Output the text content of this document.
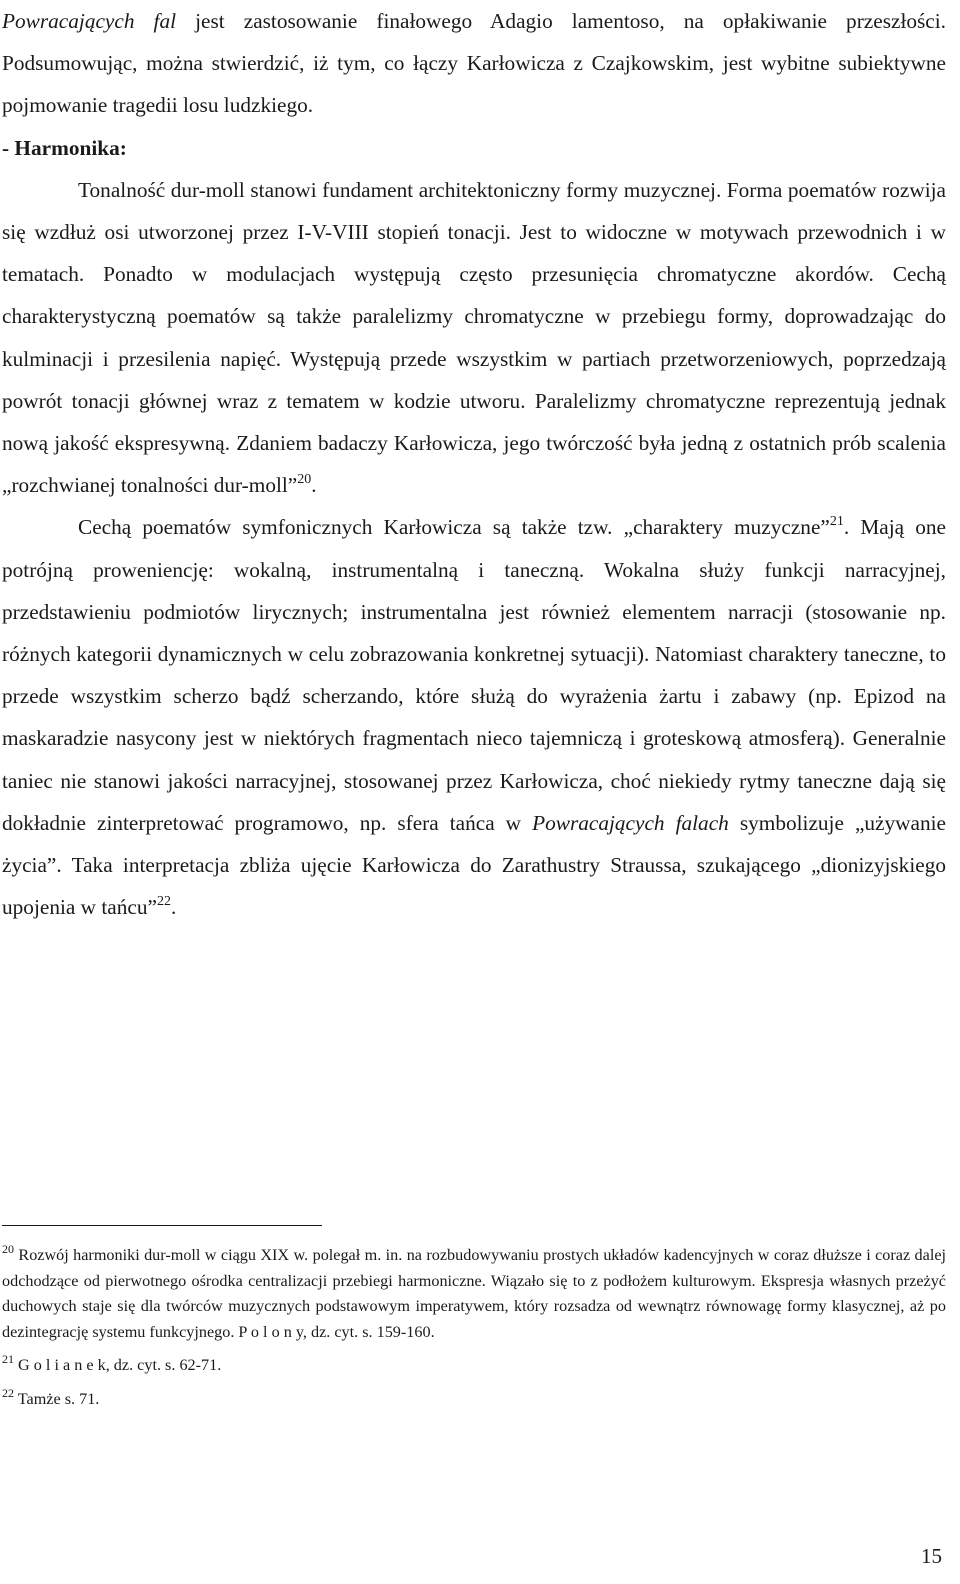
Powracających fal jest zastosowanie finałowego Adagio lamentoso, na opłakiwanie przeszłości. Podsumowując, można stwierdzić, iż tym, co łączy Karłowicza z Czajkowskim, jest wybitne subiektywne pojmowanie tragedii losu ludzkiego.

- Harmonika:

Tonalność dur-moll stanowi fundament architektoniczny formy muzycznej. Forma poematów rozwija się wzdłuż osi utworzonej przez I-V-VIII stopień tonacji. Jest to widoczne w motywach przewodnich i w tematach. Ponadto w modulacjach występują często przesunięcia chromatyczne akordów. Cechą charakterystyczną poematów są także paralelizmy chromatyczne w przebiegu formy, doprowadzając do kulminacji i przesilenia napięć. Występują przede wszystkim w partiach przetworzeniowych, poprzedzają powrót tonacji głównej wraz z tematem w kodzie utworu. Paralelizmy chromatyczne reprezentują jednak nową jakość ekspresywną. Zdaniem badaczy Karłowicza, jego twórczość była jedną z ostatnich prób scalenia „rozchwianej tonalności dur-moll”$^{20}$.

Cechą poematów symfonicznych Karłowicza są także tzw. „charaktery muzyczne”$^{21}$. Mają one potrójną proweniencję: wokalną, instrumentalną i taneczną. Wokalna służy funkcji narracyjnej, przedstawieniu podmiotów lirycznych; instrumentalna jest również elementem narracji (stosowanie np. różnych kategorii dynamicznych w celu zobrazowania konkretnej sytuacji). Natomiast charaktery taneczne, to przede wszystkim scherzo bądź scherzando, które służą do wyrażenia żartu i zabawy (np. Epizod na maskaradzie nasycony jest w niektórych fragmentach nieco tajemniczą i groteskową atmosferą). Generalnie taniec nie stanowi jakości narracyjnej, stosowanej przez Karłowicza, choć niekiedy rytmy taneczne dają się dokładnie zinterpretować programowo, np. sfera tańca w Powracających falach symbolizuje „używanie życia”. Taka interpretacja zbliża ujęcie Karłowicza do Zarathustry Straussa, szukającego „dionizyjskiego upojenia w tańcu”$^{22}$.

$^{20}$ Rozwój harmoniki dur-moll w ciągu XIX w. polegał m. in. na rozbudowywaniu prostych układów kadencyjnych w coraz dłuższe i coraz dalej odchodzące od pierwotnego ośrodka centralizacji przebiegi harmoniczne. Wiązało się to z podłożem kulturowym. Ekspresja własnych przeżyć duchowych staje się dla twórców muzycznych podstawowym imperatywem, który rozsadza od wewnątrz równowagę formy klasycznej, aż po dezintegrację systemu funkcyjnego. P o l o n y, dz. cyt. s. 159-160.

$^{21}$ G o l i a n e k, dz. cyt. s. 62-71.

$^{22}$ Tamże s. 71.

15
